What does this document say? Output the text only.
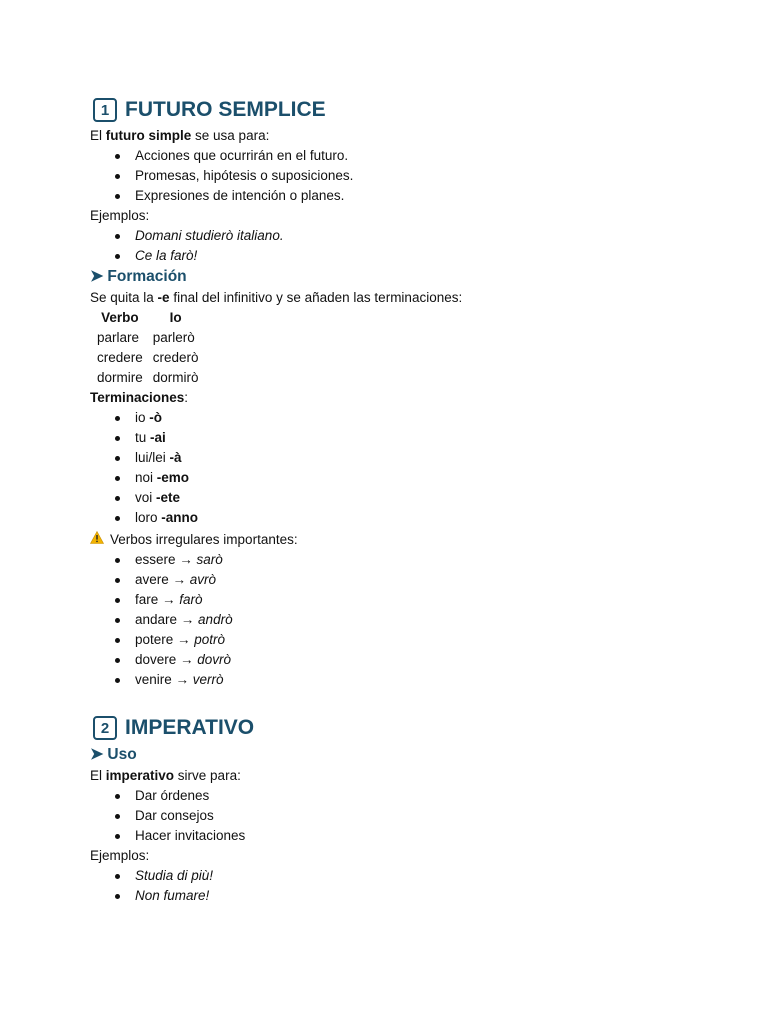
1 FUTURO SEMPLICE

El futuro simple se usa para:

Acciones que ocurrirán en el futuro.
Promesas, hipótesis o suposiciones.
Expresiones de intención o planes.

Ejemplos:

Domani studierò italiano.
Ce la farò!
➤ Formación

Se quita la -e final del infinitivo y se añaden las terminaciones:

Verbo	Io
parlare	parlerò
credere	crederò
dormire	dormirò

Terminaciones:

io -ò
tu -ai
lui/lei -à
noi -emo
voi -ete
loro -anno

Verbos irregulares importantes:

essere → sarò
avere → avrò
fare → farò
andare → andrò
potere → potrò
dovere → dovrò
venire → verrò
2 IMPERATIVO
➤ Uso

El imperativo sirve para:

Dar órdenes
Dar consejos
Hacer invitaciones

Ejemplos:

Studia di più!
Non fumare!
